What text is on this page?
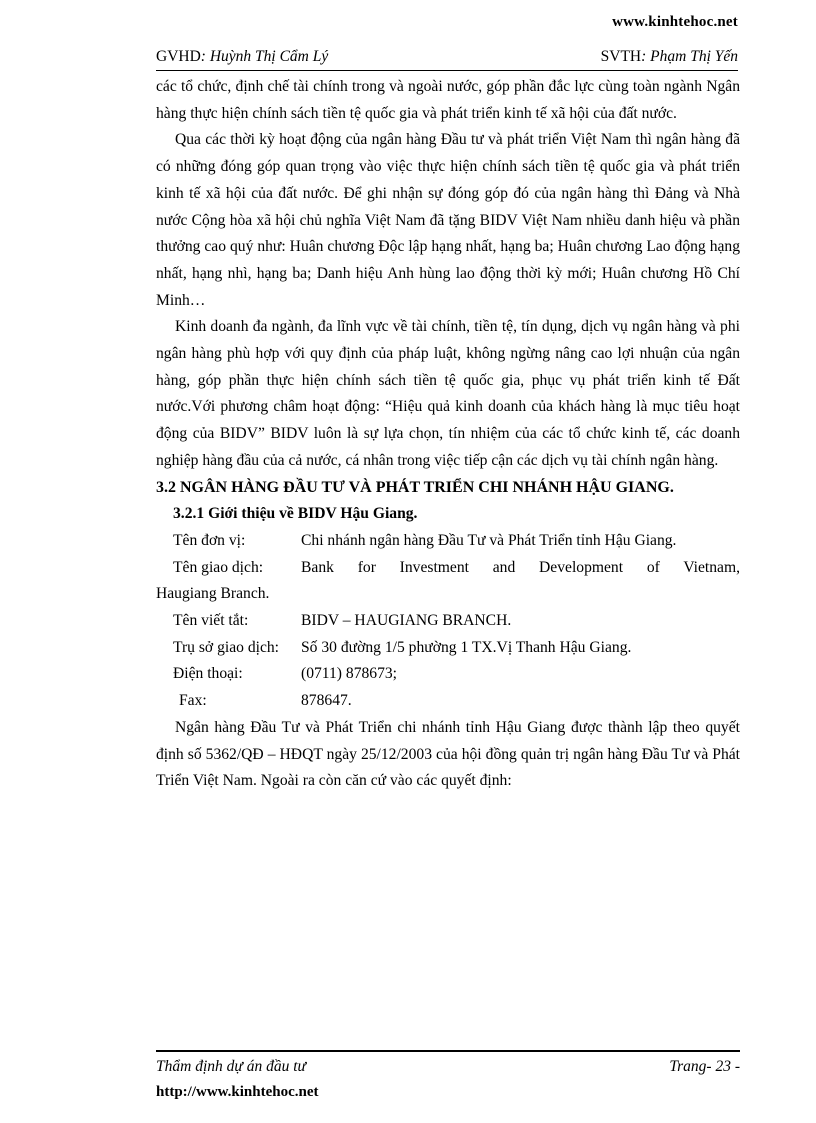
www.kinhtehoc.net
GVHD: Huỳnh Thị Cẩm Lý	SVTH: Phạm Thị Yến

các tổ chức, định chế tài chính trong và ngoài nước, góp phần đắc lực cùng toàn ngành Ngân hàng thực hiện chính sách tiền tệ quốc gia và phát triển kinh tế xã hội của đất nước.

Qua các thời kỳ hoạt động của ngân hàng Đầu tư và phát triển Việt Nam thì ngân hàng đã có những đóng góp quan trọng vào việc thực hiện chính sách tiền tệ quốc gia và phát triển kinh tế xã hội của đất nước. Để ghi nhận sự đóng góp đó của ngân hàng thì Đảng và Nhà nước Cộng hòa xã hội chủ nghĩa Việt Nam đã tặng BIDV Việt Nam nhiều danh hiệu và phần thưởng cao quý như: Huân chương Độc lập hạng nhất, hạng ba; Huân chương Lao động hạng nhất, hạng nhì, hạng ba; Danh hiệu Anh hùng lao động thời kỳ mới; Huân chương Hồ Chí Minh…

Kinh doanh đa ngành, đa lĩnh vực về tài chính, tiền tệ, tín dụng, dịch vụ ngân hàng và phi ngân hàng phù hợp với quy định của pháp luật, không ngừng nâng cao lợi nhuận của ngân hàng, góp phần thực hiện chính sách tiền tệ quốc gia, phục vụ phát triển kinh tế Đất nước.Với phương châm hoạt động: “Hiệu quả kinh doanh của khách hàng là mục tiêu hoạt động của BIDV” BIDV luôn là sự lựa chọn, tín nhiệm của các tổ chức kinh tế, các doanh nghiệp hàng đầu của cả nước, cá nhân trong việc tiếp cận các dịch vụ tài chính ngân hàng.

3.2 NGÂN HÀNG ĐẦU TƯ VÀ PHÁT TRIỂN CHI NHÁNH HẬU GIANG.

3.2.1 Giới thiệu về BIDV Hậu Giang.

Tên đơn vị:	Chi nhánh ngân hàng Đầu Tư và Phát Triển tỉnh Hậu Giang.
Tên giao dịch:	Bank for Investment and Development of Vietnam,

Haugiang Branch.

Tên viết tắt:	BIDV – HAUGIANG BRANCH.
Trụ sở giao dịch:	Số 30 đường 1/5 phường 1 TX.Vị Thanh Hậu Giang.
Điện thoại:	(0711) 878673;
Fax:	878647.

Ngân hàng Đầu Tư và Phát Triển chi nhánh tỉnh Hậu Giang được thành lập theo quyết định số 5362/QĐ – HĐQT ngày 25/12/2003 của hội đồng quản trị ngân hàng Đầu Tư và Phát Triển Việt Nam. Ngoài ra còn căn cứ vào các quyết định:

Thẩm định dự án đầu tư	Trang- 23 -
http://www.kinhtehoc.net
